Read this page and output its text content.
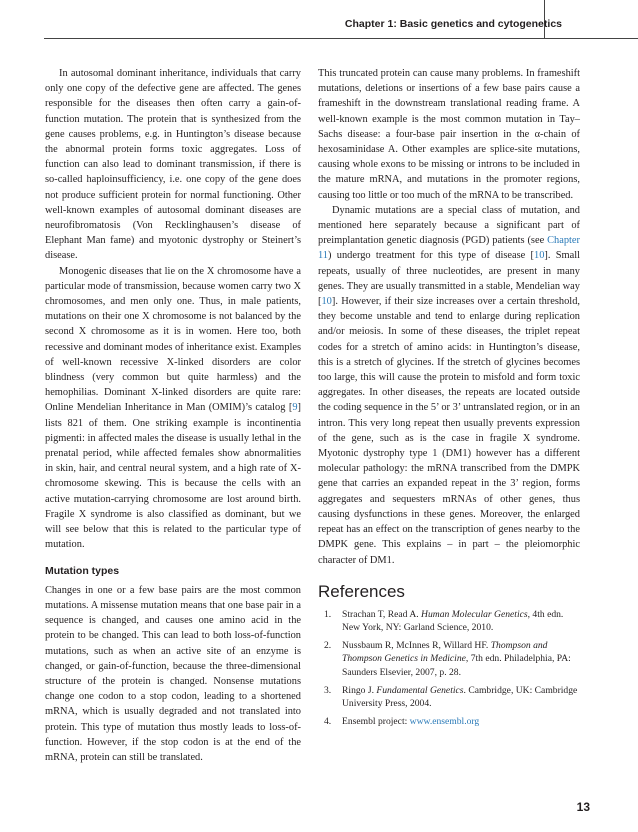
Chapter 1: Basic genetics and cytogenetics

In autosomal dominant inheritance, individuals that carry only one copy of the defective gene are affected. The genes responsible for the diseases then often carry a gain-of-function mutation. The protein that is synthesized from the gene causes problems, e.g. in Huntington’s disease because the abnormal protein forms toxic aggregates. Loss of function can also lead to dominant transmission, if there is so-called haploinsufficiency, i.e. one copy of the gene does not produce sufficient protein for normal functioning. Other well-known examples of autosomal dominant diseases are neurofibromatosis (Von Recklinghausen’s disease of Elephant Man fame) and myotonic dystrophy or Steinert’s disease.

Monogenic diseases that lie on the X chromosome have a particular mode of transmission, because women carry two X chromosomes, and men only one. Thus, in male patients, mutations on their one X chromosome is not balanced by the second X chromosome as it is in women. Here too, both recessive and dominant modes of inheritance exist. Examples of well-known recessive X-linked disorders are color blindness (very common but quite harmless) and the hemophilias. Dominant X-linked disorders are quite rare: Online Mendelian Inheritance in Man (OMIM)’s catalog [9] lists 821 of them. One striking example is incontinentia pigmenti: in affected males the disease is usually lethal in the prenatal period, while affected females show abnormalities in skin, hair, and central neural system, and a high rate of X-chromosome skewing. This is because the cells with an active mutation-carrying chromosome are lost around birth. Fragile X syndrome is also classified as dominant, but we will see below that this is related to the particular type of mutation.

Mutation types

Changes in one or a few base pairs are the most common mutations. A missense mutation means that one base pair in a sequence is changed, and causes one amino acid in the protein to be changed. This can lead to both loss-of-function mutations, such as when an active site of an enzyme is changed, or gain-of-function, because the three-dimensional structure of the protein is changed. Nonsense mutations change one codon to a stop codon, leading to a shortened mRNA, which is usually degraded and not translated into protein. This type of mutation thus mostly leads to loss-of-function. However, if the stop codon is at the end of the mRNA, protein can still be translated.

This truncated protein can cause many problems. In frameshift mutations, deletions or insertions of a few base pairs cause a frameshift in the downstream translational reading frame. A well-known example is the most common mutation in Tay–Sachs disease: a four-base pair insertion in the α-chain of hexosaminidase A. Other examples are splice-site mutations, causing whole exons to be missing or introns to be included in the mature mRNA, and mutations in the promoter regions, causing too little or too much of the mRNA to be transcribed.

Dynamic mutations are a special class of mutation, and mentioned here separately because a significant part of preimplantation genetic diagnosis (PGD) patients (see Chapter 11) undergo treatment for this type of disease [10]. Small repeats, usually of three nucleotides, are present in many genes. They are usually transmitted in a stable, Mendelian way [10]. However, if their size increases over a certain threshold, they become unstable and tend to enlarge during replication and/or meiosis. In some of these diseases, the triplet repeat codes for a stretch of amino acids: in Huntington’s disease, this is a stretch of glycines. If the stretch of glycines becomes too large, this will cause the protein to misfold and form toxic aggregates. In other diseases, the repeats are located outside the coding sequence in the 5’ or 3’ untranslated region, or in an intron. This very long repeat then usually prevents expression of the gene, such as is the case in fragile X syndrome. Myotonic dystrophy type 1 (DM1) however has a different molecular pathology: the mRNA transcribed from the DMPK gene that carries an expanded repeat in the 3’ region, forms aggregates and sequesters mRNAs of other genes, thus causing dysfunctions in these genes. Moreover, the enlarged repeat has an effect on the transcription of genes nearby to the DMPK gene. This explains – in part – the pleiomorphic character of DM1.

References
1.	Strachan T, Read A. Human Molecular Genetics, 4th edn. New York, NY: Garland Science, 2010.
2.	Nussbaum R, McInnes R, Willard HF. Thompson and Thompson Genetics in Medicine, 7th edn. Philadelphia, PA: Saunders Elsevier, 2007, p. 28.
3.	Ringo J. Fundamental Genetics. Cambridge, UK: Cambridge University Press, 2004.
4.	Ensembl project: www.ensembl.org
13
